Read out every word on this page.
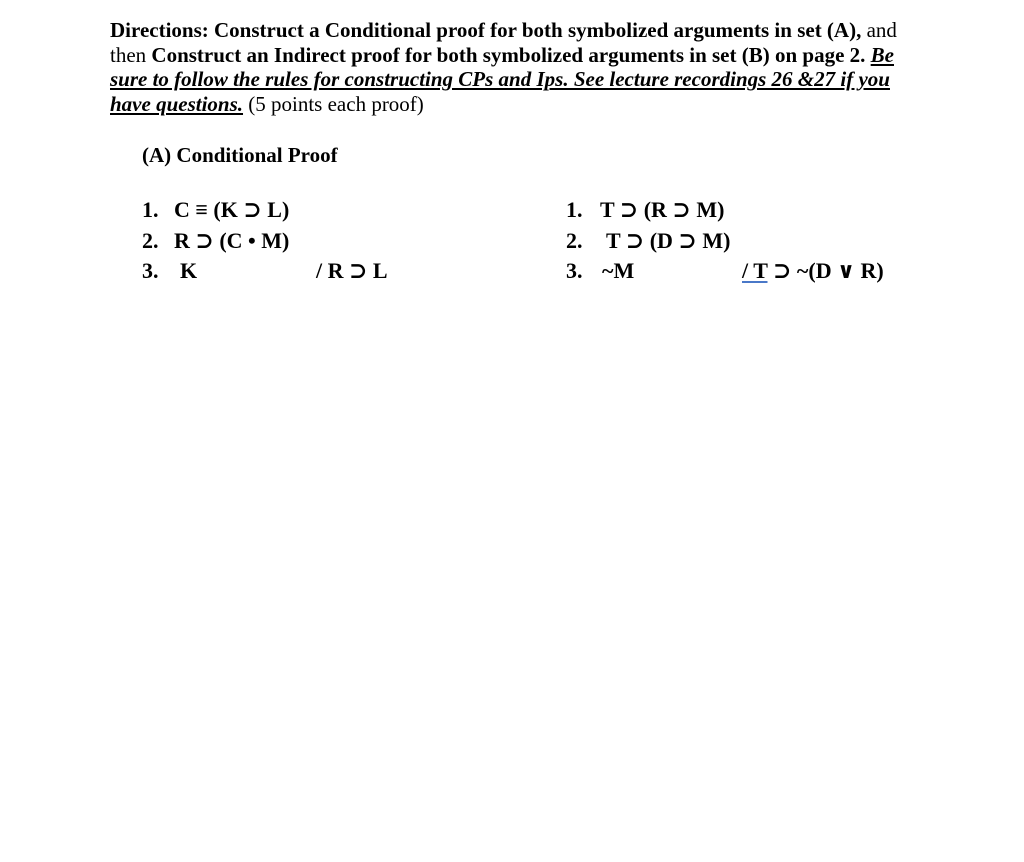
Directions: Construct a Conditional proof for both symbolized arguments in set (A), and then Construct an Indirect proof for both symbolized arguments in set (B) on page 2. Be sure to follow the rules for constructing CPs and Ips. See lecture recordings 26 &27 if you have questions. (5 points each proof)
(A) Conditional Proof
1. C ≡ (K ⊃ L)
2. R ⊃ (C • M)
3. K	/ R ⊃ L
1. T ⊃ (R ⊃ M)
2. T ⊃ (D ⊃ M)
3. ~M	/ T ⊃ ~(D ∨ R)
